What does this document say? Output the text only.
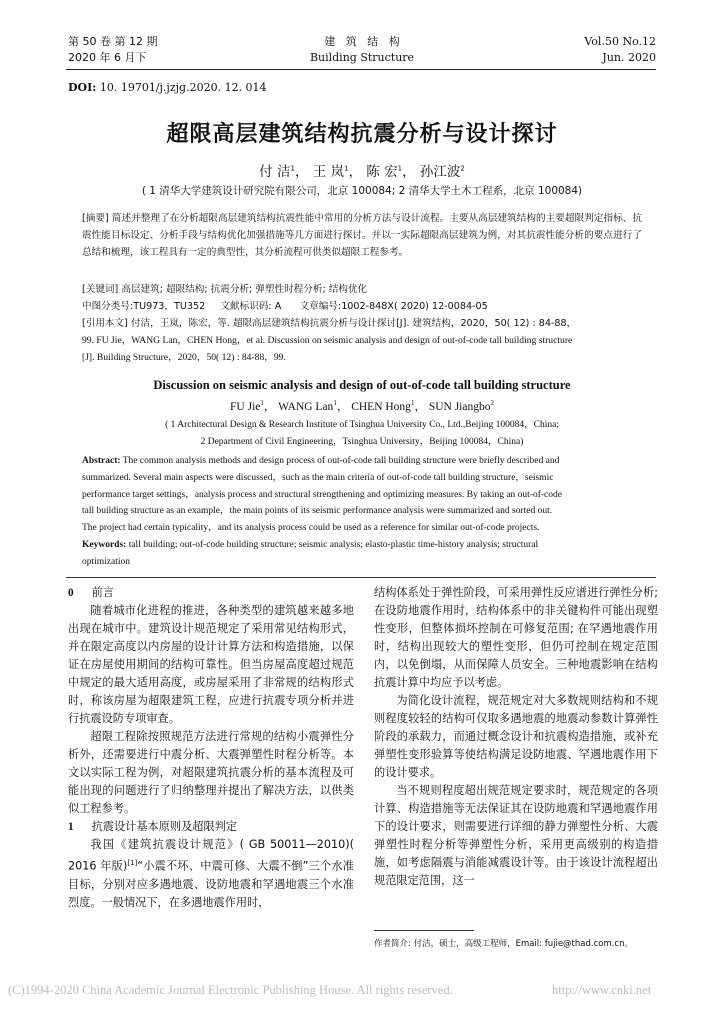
第 50 卷 第 12 期
2020 年 6 月下
建   筑   结   构
Building Structure
Vol.50 No.12
Jun. 2020
DOI: 10. 19701/j.jzjg.2020. 12. 014
超限高层建筑结构抗震分析与设计探讨
付 洁$^1$， 王 岚$^1$， 陈 宏$^1$， 孙江波$^2$
( 1 清华大学建筑设计研究院有限公司，北京 100084; 2 清华大学土木工程系，北京 100084)
[摘要] 简述并整理了在分析超限高层建筑结构抗震性能中常用的分析方法与设计流程。主要从高层建筑结构的主要超限判定指标、抗震性能目标设定、分析手段与结构优化加强措施等几方面进行探讨。并以一实际超限高层建筑为例，对其抗震性能分析的要点进行了总结和梳理，该工程具有一定的典型性，其分析流程可供类似超限工程参考。
[关键词] 高层建筑; 超限结构; 抗震分析; 弹塑性时程分析; 结构优化
中图分类号:TU973，TU352 文献标识码: A 文章编号:1002-848X( 2020) 12-0084-05
[引用本文] 付洁，王岚，陈宏，等. 超限高层建筑结构抗震分析与设计探讨[J]. 建筑结构，2020，50( 12) : 84-88，
99. FU Jie，WANG Lan，CHEN Hong，et al. Discussion on seismic analysis and design of out-of-code tall building structure
[J]. Building Structure，2020，50( 12) : 84-88，99.
Discussion on seismic analysis and design of out-of-code tall building structure
FU Jie$^1$， WANG Lan$^1$， CHEN Hong$^1$， SUN Jiangbo$^2$
( 1 Architectural Design & Research Institute of Tsinghua University Co., Ltd.,Beijing 100084，China;
2 Department of Civil Engineering，Tsinghua University，Beijing 100084，China)
Abstract: The common analysis methods and design process of out-of-code tall building structure were briefly described and
summarized. Several main aspects were discussed，such as the main criteria of out-of-code tall building structure，seismic
performance target settings，analysis process and structural strengthening and optimizing measures. By taking an out-of-code
tall building structure as an example，the main points of its seismic performance analysis were summarized and sorted out.
The project had certain typicality，and its analysis process could be used as a reference for similar out-of-code projects.
Keywords: tall building; out-of-code building structure; seismic analysis; elasto-plastic time-history analysis; structural
optimization
0 前言

随着城市化进程的推进，各种类型的建筑越来越多地出现在城市中。建筑设计规范规定了采用常见结构形式，并在限定高度以内房屋的设计计算方法和构造措施，以保证在房屋使用期间的结构可靠性。但当房屋高度超过规范中规定的最大适用高度，或房屋采用了非常规的结构形式时，称该房屋为超限建筑工程，应进行抗震专项分析并进行抗震设防专项审查。

超限工程除按照规范方法进行常规的结构小震弹性分析外，还需要进行中震分析、大震弹塑性时程分析等。本文以实际工程为例，对超限建筑抗震分析的基本流程及可能出现的问题进行了归纳整理并提出了解决方法，以供类似工程参考。

1 抗震设计基本原则及超限判定

我国《建筑抗震设计规范》( GB 50011—2010)( 2016 年版)[1]“小震不坏、中震可修、大震不倒”三个水准目标，分别对应多遇地震、设防地震和罕遇地震三个水准烈度。一般情况下，在多遇地震作用时，

结构体系处于弹性阶段，可采用弹性反应谱进行弹性分析; 在设防地震作用时，结构体系中的非关键构件可能出现塑性变形，但整体损坏控制在可修复范围; 在罕遇地震作用时，结构出现较大的塑性变形，但仍可控制在规定范围内，以免倒塌，从而保障人员安全。三种地震影响在结构抗震计算中均应予以考虑。

为简化设计流程，规范规定对大多数规则结构和不规则程度较轻的结构可仅取多遇地震的地震动参数计算弹性阶段的承载力，而通过概念设计和抗震构造措施，或补充弹塑性变形验算等使结构满足设防地震、罕遇地震作用下的设计要求。

当不规则程度超出规范规定要求时，规范规定的各项计算、构造措施等无法保证其在设防地震和罕遇地震作用下的设计要求，则需要进行详细的静力弹塑性分析、大震弹塑性时程分析等弹塑性分析，采用更高级别的构造措施，如考虑隔震与消能减震设计等。由于该设计流程超出规范限定范围，这一

作者简介: 付洁，硕士，高级工程师，Email: fujie@thad.com.cn。
(C)1994-2020 China Academic Journal Electronic Publishing House. All rights reserved.	http://www.cnki.net
